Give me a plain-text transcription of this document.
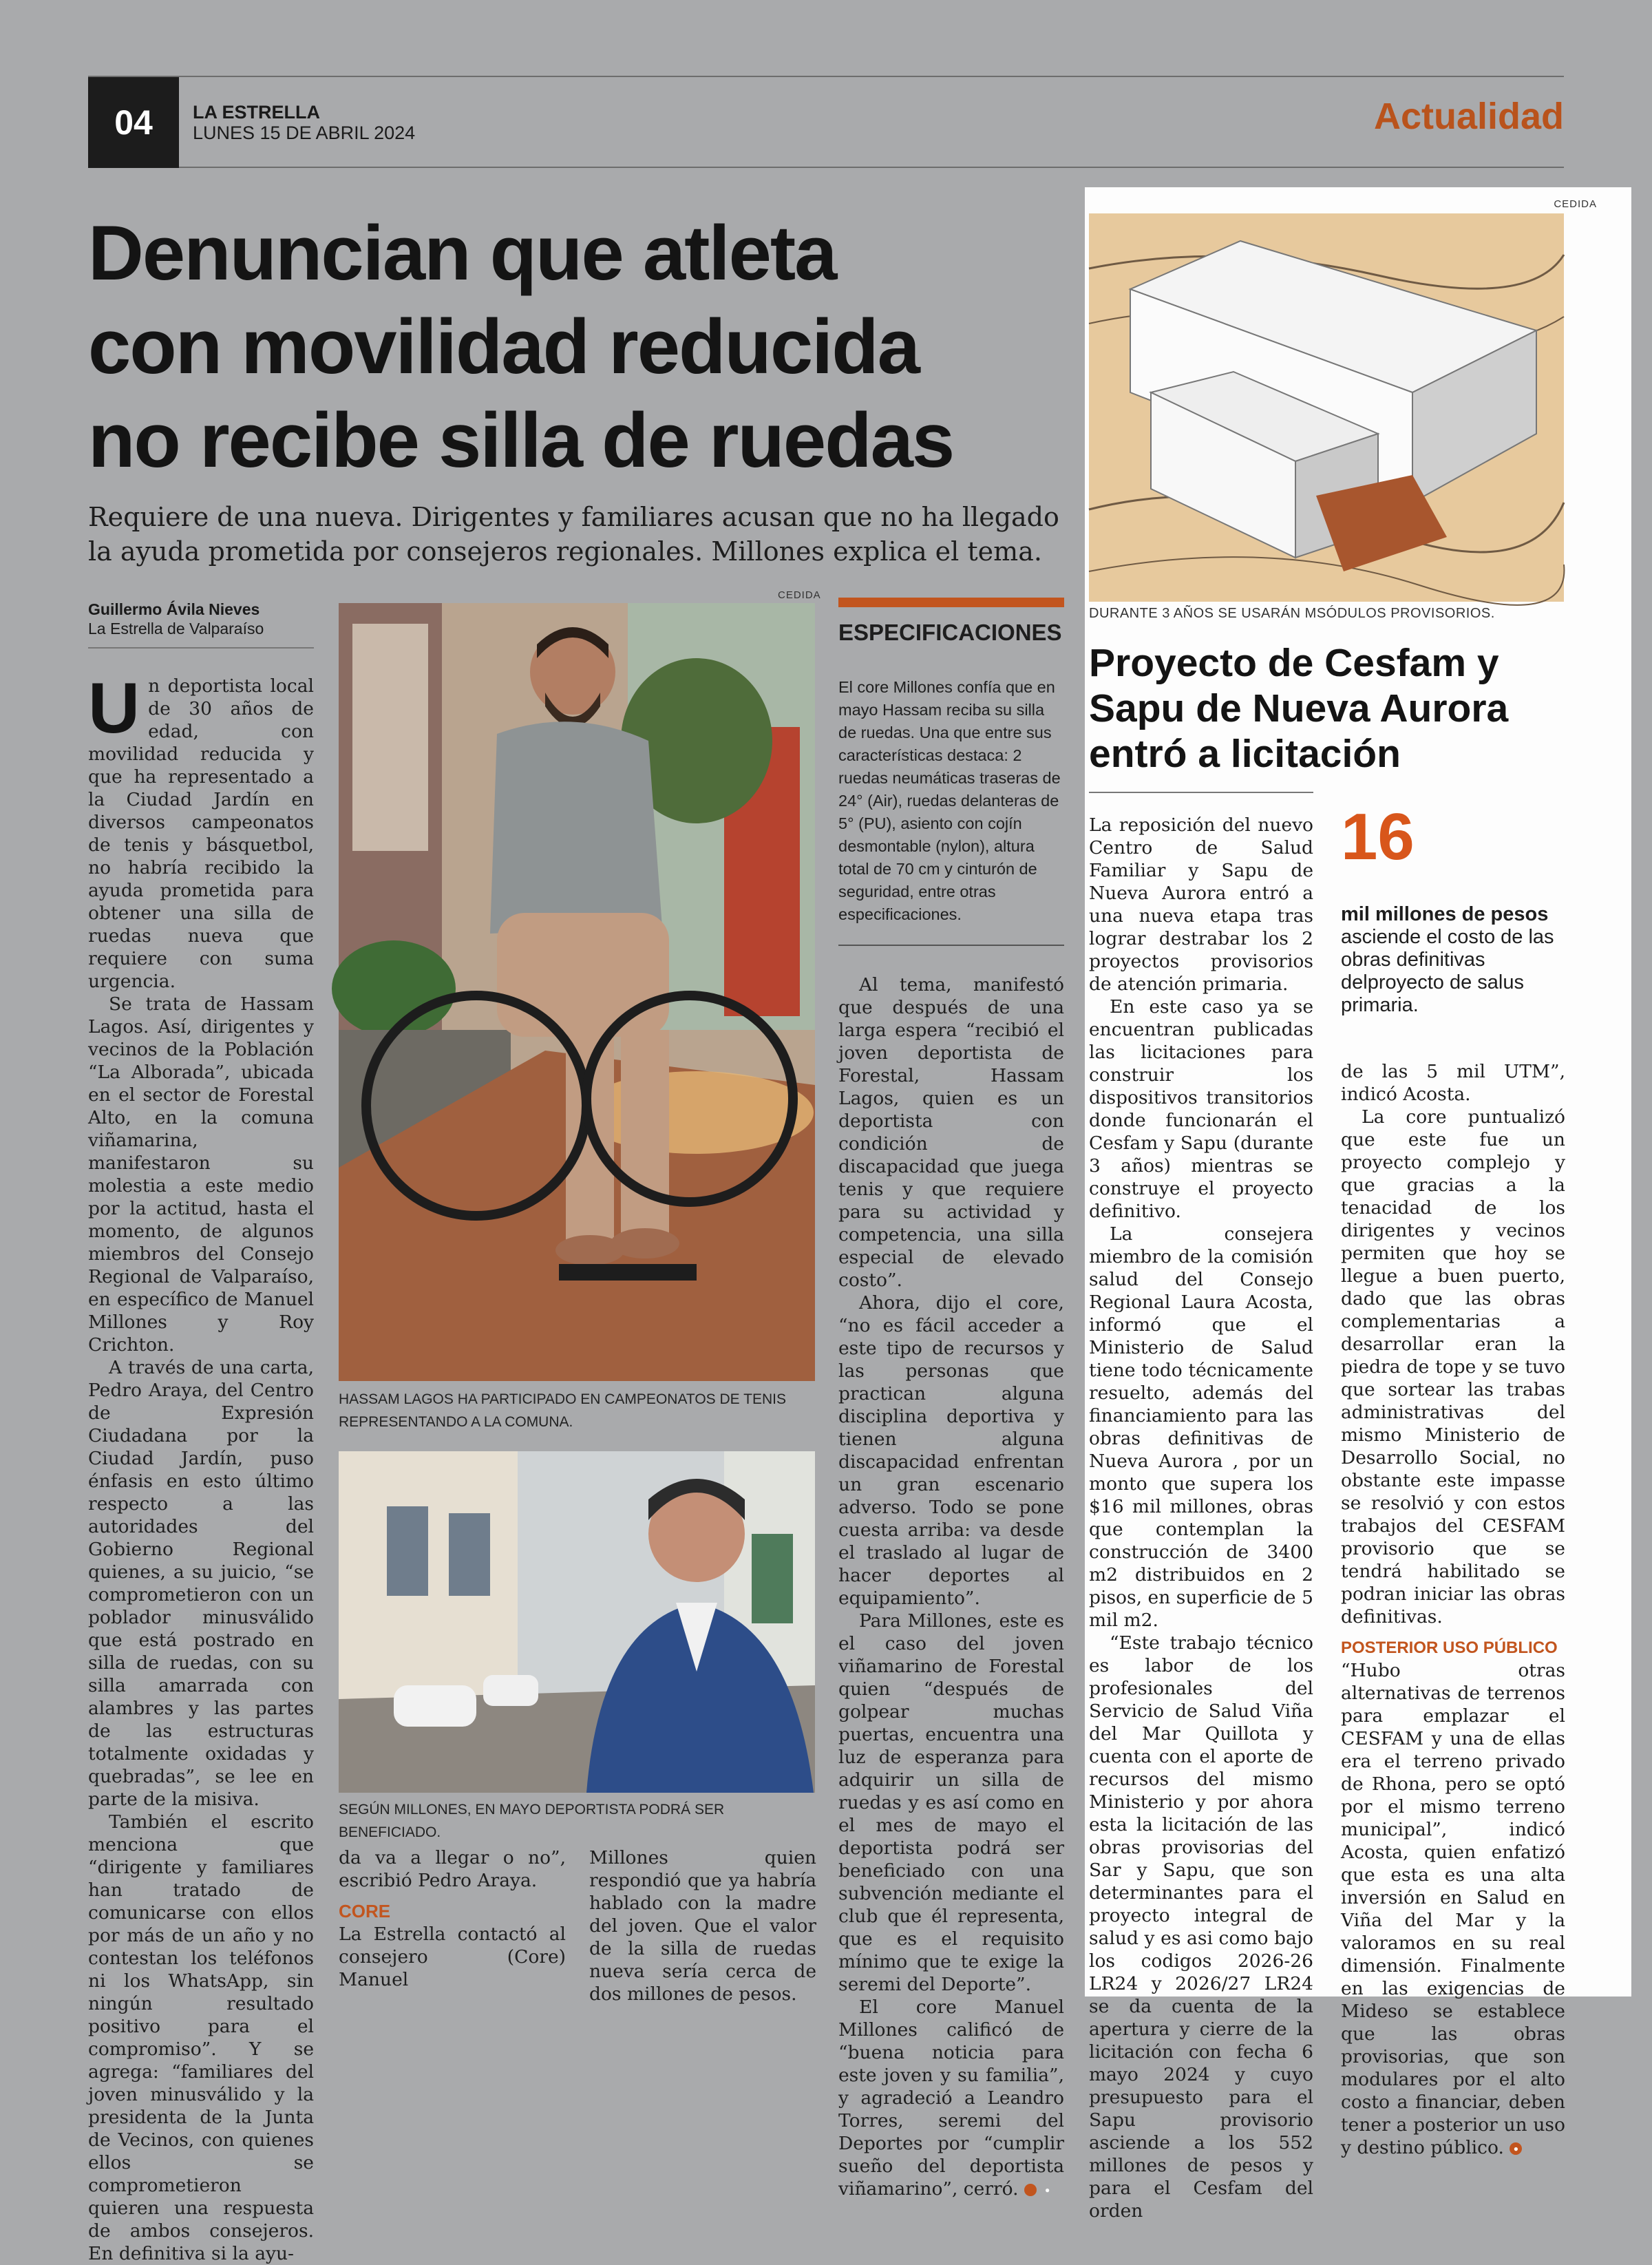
04	LA ESTRELLA
LUNES 15 DE ABRIL 2024	Actualidad
Denuncian que atleta
con movilidad reducida
no recibe silla de ruedas
Requiere de una nueva. Dirigentes y familiares acusan que no ha llegado la ayuda prometida por consejeros regionales. Millones explica el tema.
Guillermo Ávila Nieves
La Estrella de Valparaíso

Un deportista local de 30 años de edad, con movilidad reducida y que ha representado a la Ciudad Jardín en diversos campeonatos de tenis y básquetbol, no habría recibido la ayuda prometida para obtener una silla de ruedas nueva que requiere con suma urgencia.

Se trata de Hassam Lagos. Así, dirigentes y vecinos de la Población “La Alborada”, ubicada en el sector de Forestal Alto, en la comuna viñamarina, manifestaron su molestia a este medio por la actitud, hasta el momento, de algunos miembros del Consejo Regional de Valparaíso, en específico de Manuel Millones y Roy Crichton.

A través de una carta, Pedro Araya, del Centro de Expresión Ciudadana por la Ciudad Jardín, puso énfasis en esto último respecto a las autoridades del Gobierno Regional quienes, a su juicio, “se comprometieron con un poblador minusválido que está postrado en silla de ruedas, con su silla amarrada con alambres y las partes de las estructuras totalmente oxidadas y quebradas”, se lee en parte de la misiva.

También el escrito menciona que “dirigente y familiares han tratado de comunicarse con ellos por más de un año y no contestan los teléfonos ni los WhatsApp, sin ningún resultado positivo para el compromiso”. Y se agrega: “familiares del joven minusválido y la presidenta de la Junta de Vecinos, con quienes ellos se comprometieron quieren una respuesta de ambos consejeros. En definitiva si la ayu-

CEDIDA
HASSAM LAGOS HA PARTICIPADO EN CAMPEONATOS DE TENIS REPRESENTANDO A LA COMUNA.
SEGÚN MILLONES, EN MAYO DEPORTISTA PODRÁ SER BENEFICIADO.

da va a llegar o no”, escribió Pedro Araya.

CORE

La Estrella contactó al consejero (Core) Manuel

Millones quien respondió que ya habría hablado con la madre del joven. Que el valor de la silla de ruedas nueva sería cerca de dos millones de pesos.

ESPECIFICACIONES
El core Millones confía que en mayo Hassam reciba su silla de ruedas. Una que entre sus características destaca: 2 ruedas neumáticas traseras de 24° (Air), ruedas delanteras de 5° (PU), asiento con cojín desmontable (nylon), altura total de 70 cm y cinturón de seguridad, entre otras especificaciones.

Al tema, manifestó que después de una larga espera “recibió el joven deportista de Forestal, Hassam Lagos, quien es un deportista con condición de discapacidad que juega tenis y que requiere para su actividad y competencia, una silla especial de elevado costo”.

Ahora, dijo el core, “no es fácil acceder a este tipo de recursos y las personas que practican alguna disciplina deportiva y tienen alguna discapacidad enfrentan un gran escenario adverso. Todo se pone cuesta arriba: va desde el traslado al lugar de hacer deportes al equipamiento”.

Para Millones, este es el caso del joven viñamarino de Forestal quien “después de golpear muchas puertas, encuentra una luz de esperanza para adquirir un silla de ruedas y es así como en el mes de mayo el deportista podrá ser beneficiado con una subvención mediante el club que él representa, que es el requisito mínimo que te exige la seremi del Deporte”.

El core Manuel Millones calificó de “buena noticia para este joven y su familia”, y agradeció a Leandro Torres, seremi del Deportes por “cumplir sueño del deportista viñamarino”, cerró.	●

CEDIDA
DURANTE 3 AÑOS SE USARÁN MSÓDULOS PROVISORIOS.
Proyecto de Cesfam y Sapu de Nueva Aurora entró a licitación

La reposición del nuevo Centro de Salud Familiar y Sapu de Nueva Aurora entró a una nueva etapa tras lograr destrabar los 2 proyectos provisorios de atención primaria.

En este caso ya se encuentran publicadas las licitaciones para construir los dispositivos transitorios donde funcionarán el Cesfam y Sapu (durante 3 años) mientras se construye el proyecto definitivo.

La consejera miembro de la comisión salud del Consejo Regional Laura Acosta, informó que el Ministerio de Salud tiene todo técnicamente resuelto, además del financiamiento para las obras definitivas de Nueva Aurora , por un monto que supera los $16 mil millones, obras que contemplan la construcción de 3400 m2 distribuidos en 2 pisos, en superficie de 5 mil m2.

“Este trabajo técnico es labor de los profesionales del Servicio de Salud Viña del Mar Quillota y cuenta con el aporte de recursos del mismo Ministerio y por ahora esta la licitación de las obras provisorias del Sar y Sapu, que son determinantes para el proyecto integral de salud y es asi como bajo los codigos 2026-26 LR24 y 2026/27 LR24 se da cuenta de la apertura y cierre de la licitación con fecha 6 mayo 2024 y cuyo presupuesto para el Sapu provisorio asciende a los 552 millones de pesos y para el Cesfam del orden

16
mil millones de pesos
asciende el costo de las obras definitivas delproyecto de salus primaria.

de las 5 mil UTM”, indicó Acosta.

La core puntualizó que este fue un proyecto complejo y que gracias a la tenacidad de los dirigentes y vecinos permiten que hoy se llegue a buen puerto, dado que las obras complementarias a desarrollar eran la piedra de tope y se tuvo que sortear las trabas administrativas del mismo Ministerio de Desarrollo Social, no obstante este impasse se resolvió y con estos trabajos del CESFAM provisorio que se tendrá habilitado se podran iniciar las obras definitivas.

POSTERIOR USO PÚBLICO

“Hubo otras alternativas de terrenos para emplazar el CESFAM y una de ellas era el terreno privado de Rhona, pero se optó por el mismo terreno municipal”, indicó Acosta, quien enfatizó que esta es una alta inversión en Salud en Viña del Mar y la valoramos en su real dimensión. Finalmente en las exigencias de Mideso se establece que las obras provisorias, que son modulares por el alto costo a financiar, deben tener a posterior un uso y destino público. ●
